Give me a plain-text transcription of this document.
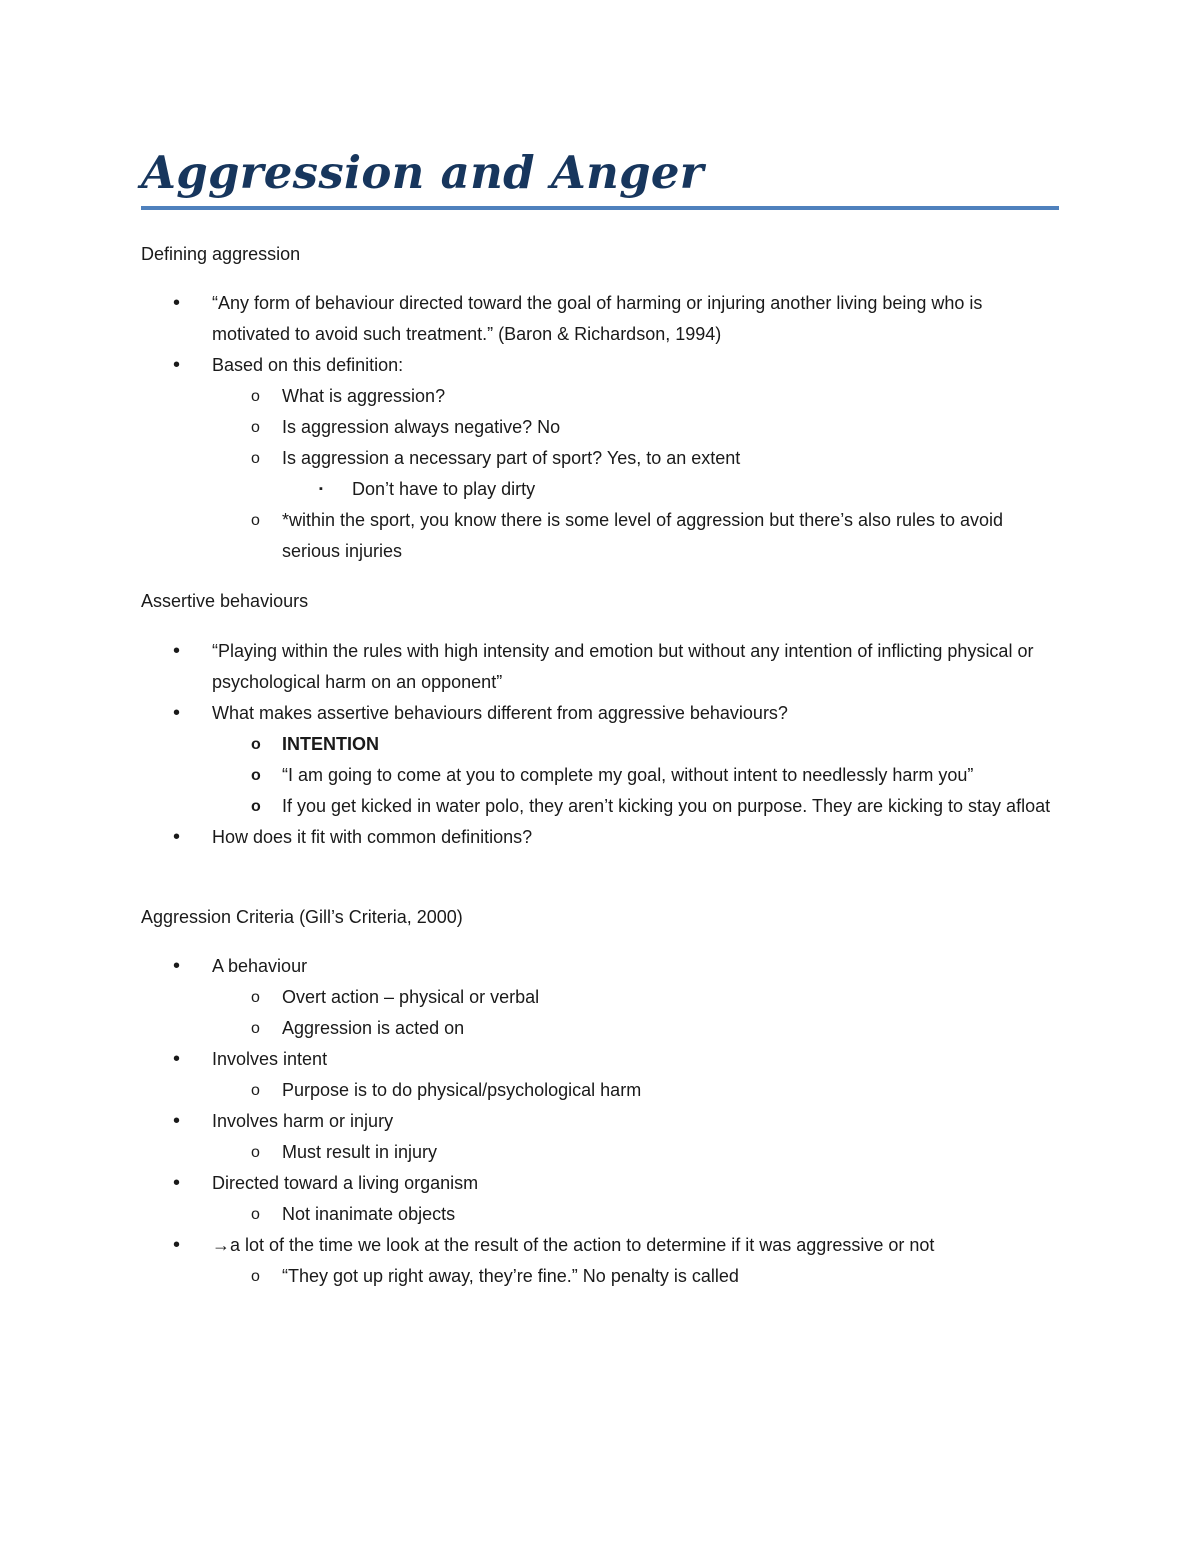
Aggression and Anger

Defining aggression

• “Any form of behaviour directed toward the goal of harming or injuring another living being who is motivated to avoid such treatment.” (Baron & Richardson, 1994)
• Based on this definition:
o What is aggression?
o Is aggression always negative? No
o Is aggression a necessary part of sport? Yes, to an extent
▪ Don’t have to play dirty
o *within the sport, you know there is some level of aggression but there’s also rules to avoid serious injuries

Assertive behaviours

• “Playing within the rules with high intensity and emotion but without any intention of inflicting physical or psychological harm on an opponent”
• What makes assertive behaviours different from aggressive behaviours?
o INTENTION
o “I am going to come at you to complete my goal, without intent to needlessly harm you”
o If you get kicked in water polo, they aren’t kicking you on purpose. They are kicking to stay afloat
• How does it fit with common definitions?

Aggression Criteria (Gill’s Criteria, 2000)

• A behaviour
o Overt action – physical or verbal
o Aggression is acted on
• Involves intent
o Purpose is to do physical/psychological harm
• Involves harm or injury
o Must result in injury
• Directed toward a living organism
o Not inanimate objects
• →a lot of the time we look at the result of the action to determine if it was aggressive or not
o “They got up right away, they’re fine.” No penalty is called
